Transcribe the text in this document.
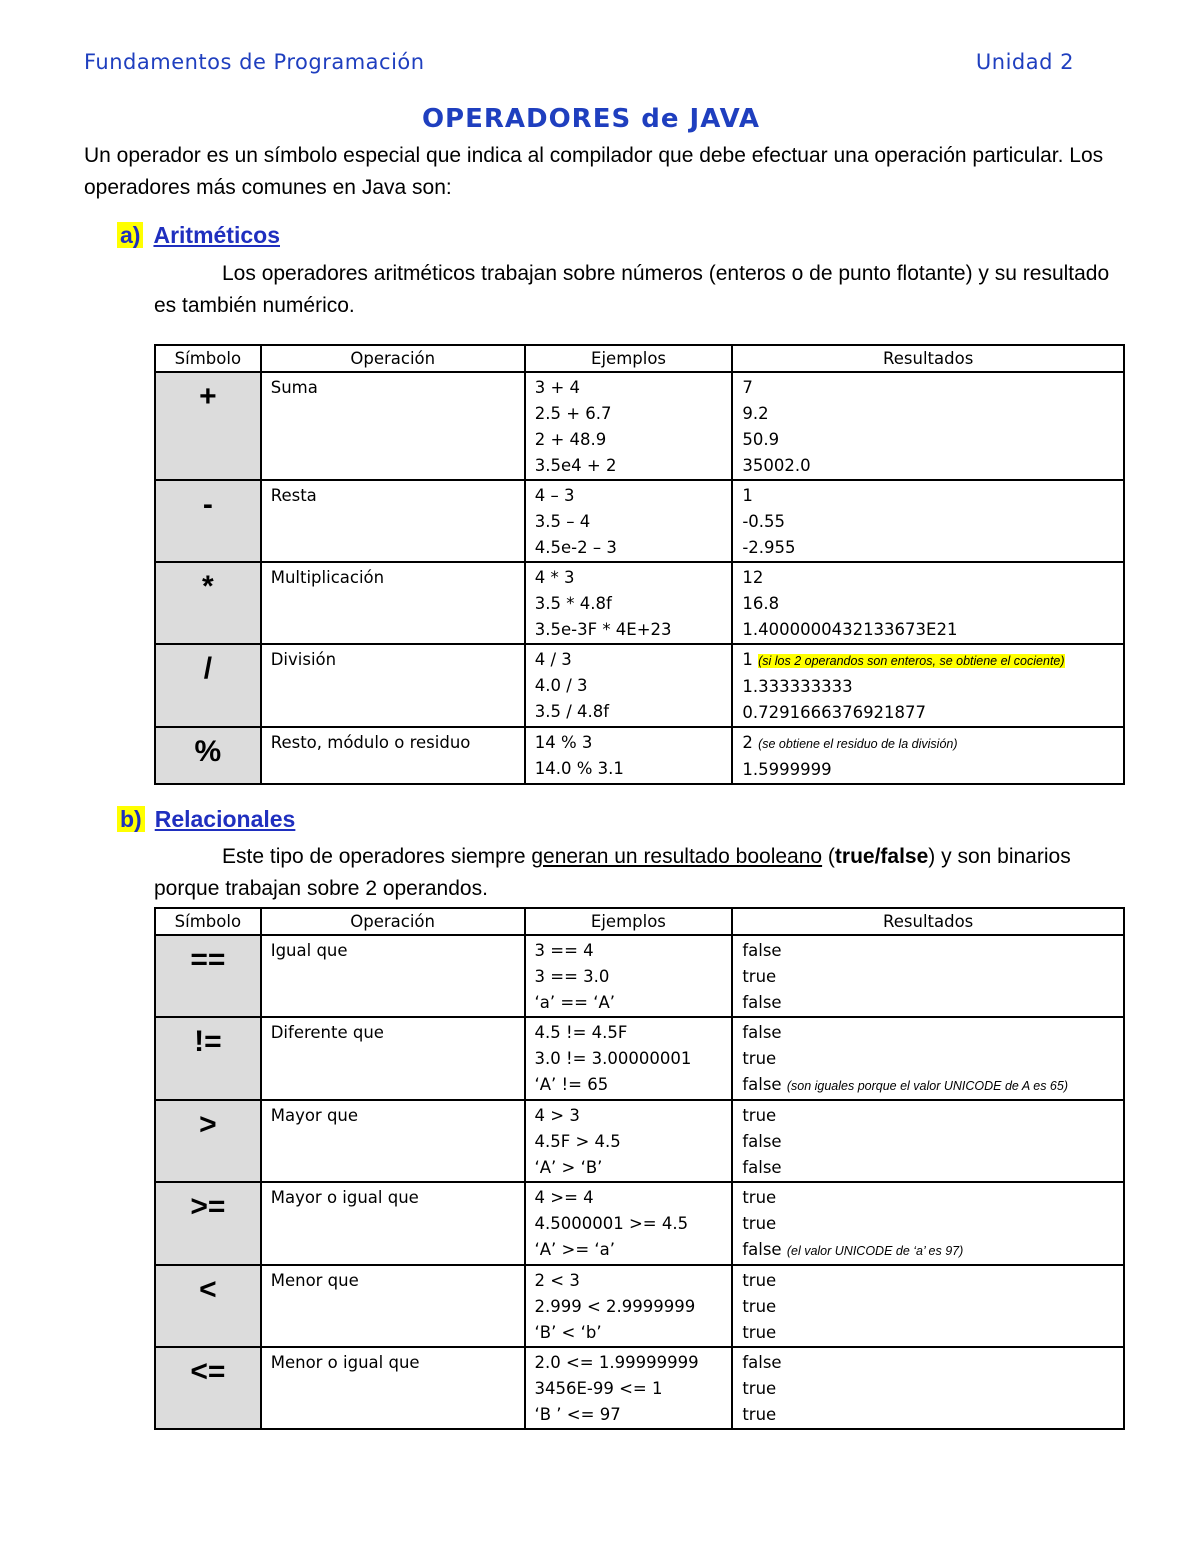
Fundamentos de Programación	Unidad 2
OPERADORES de JAVA
Un operador es un símbolo especial que indica al compilador que debe efectuar una operación particular. Los operadores más comunes en Java son:
a) Aritméticos
Los operadores aritméticos trabajan sobre números (enteros o de punto flotante) y su resultado es también numérico.
Símbolo	Operación	Ejemplos	Resultados
+	Suma	3 + 4
2.5 + 6.7
2 + 48.9
3.5e4 + 2	7
9.2
50.9
35002.0

-	Resta	4 – 3
3.5 – 4
4.5e-2 – 3	1
-0.55
-2.955

*	Multiplicación	4 * 3
3.5 * 4.8f
3.5e-3F * 4E+23	12
16.8
1.4000000432133673E21

/	División	4 / 3
4.0 / 3
3.5 / 4.8f	1 (si los 2 operandos son enteros, se obtiene el cociente)
1.333333333
0.7291666376921877

%	Resto, módulo o residuo	14 % 3
14.0 % 3.1	2 (se obtiene el residuo de la división)
1.5999999
b) Relacionales
Este tipo de operadores siempre generan un resultado booleano (true/false) y son binarios porque trabajan sobre 2 operandos.
Símbolo	Operación	Ejemplos	Resultados
==	Igual que	3 == 4
3 == 3.0
‘a’ == ‘A’	false
true
false

!=	Diferente que	4.5 != 4.5F
3.0 != 3.00000001
‘A’ != 65	false
true
false (son iguales porque el valor UNICODE de A es 65)

>	Mayor que	4 > 3
4.5F > 4.5
‘A’ > ‘B’	true
false
false

>=	Mayor o igual que	4 >= 4
4.5000001 >= 4.5
‘A’ >= ‘a’	true
true
false (el valor UNICODE de ‘a’ es 97)

<	Menor que	2 < 3
2.999 < 2.9999999
‘B’ < ‘b’	true
true
true

<=	Menor o igual que	2.0 <= 1.99999999
3456E-99 <= 1
‘B ’ <= 97	false
true
true
